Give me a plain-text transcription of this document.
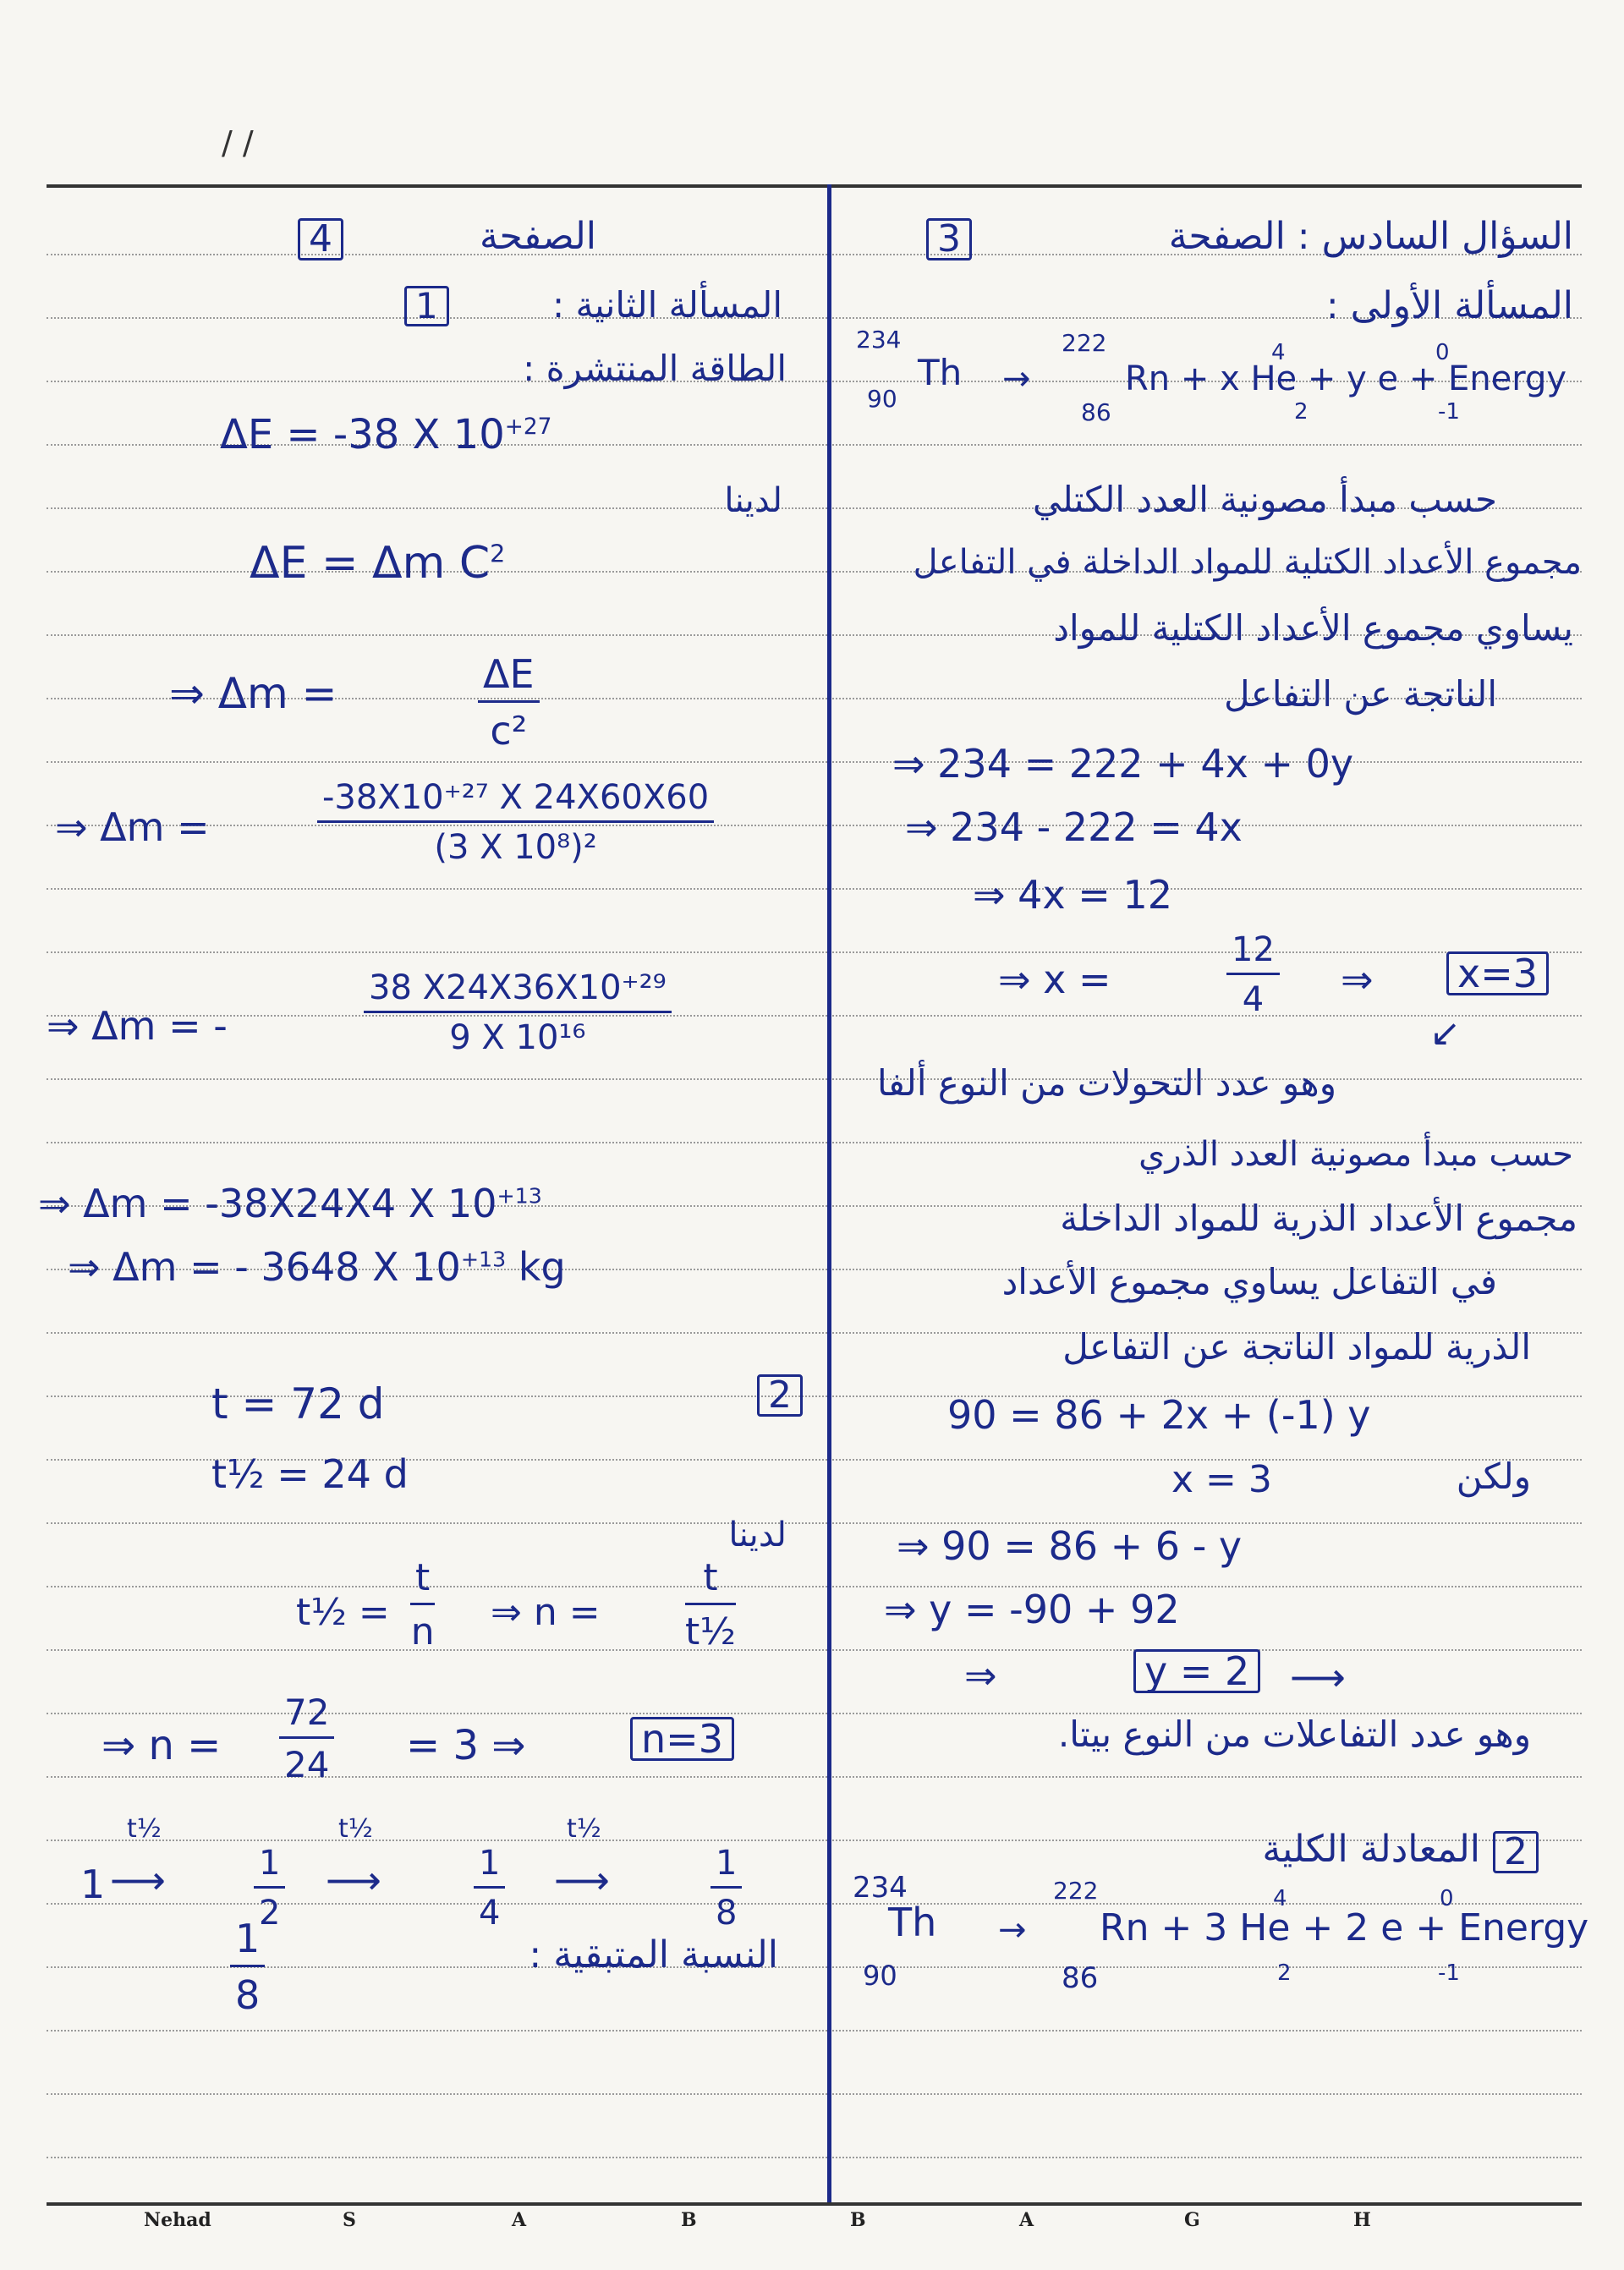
/ /
Nehad	S	A	B	B	A	G	H
السؤال السادس : الصفحة
3
المسألة الأولى :
234
Th
90
→
222
Rn + x He + y e + Energy
86
4
2
0
-1
حسب مبدأ مصونية العدد الكتلي
مجموع الأعداد الكتلية للمواد الداخلة في التفاعل
يساوي مجموع الأعداد الكتلية للمواد
الناتجة عن التفاعل
⇒ 234 = 222 + 4x + 0y
⇒ 234 - 222 = 4x
⇒ 4x = 12
⇒ x =	$\frac{12}{4}$ ⇒ x=3
↙
وهو عدد التحولات من النوع ألفا
حسب مبدأ مصونية العدد الذري
مجموع الأعداد الذرية للمواد الداخلة
في التفاعل يساوي مجموع الأعداد
الذرية للمواد الناتجة عن التفاعل
90 = 86 + 2x + (-1) y
ولكن
x = 3
⇒ 90 = 86 + 6 - y
⇒ y = -90 + 92
⇒	y = 2 ⟶
وهو عدد التفاعلات من النوع بيتا.
2
المعادلة الكلية
234
Th
90
→
222
Rn + 3 He + 2 e + Energy
86
4
2
0
-1
4	الصفحة
المسألة الثانية :
1
الطاقة المنتشرة :
ΔE = -38 X $10^{+27}$
لدينا
ΔE = Δm $C^2$
⇒ Δm =	$\frac{\Delta E}{\text{c²}}$
⇒ Δm =	$\frac{\text{-38X10⁺²⁷ X 24X60X60}}{\text{(3 X 10⁸)²}}$
⇒ Δm = -	$\frac{\text{38 X24X36X10⁺²⁹}}{\text{9 X 10¹⁶}}$
⇒ Δm = -38X24X4 X $10^{+13}$
⇒ Δm = - 3648 X $10^{+13}$ kg
2
t = 72 d
t½ = 24 d
لدينا
t½ = $\frac{t}{n}$ ⇒ $n = \frac{t}{\text{t½}}$
⇒ $n = \frac{72}{24} = 3$ ⇒	n=3
1
t½
⟶	$\frac{1}{2}$
t½
⟶	$\frac{1}{4}$
t½
⟶	$\frac{1}{8}$
$\frac{1}{8}$	النسبة المتبقية :
